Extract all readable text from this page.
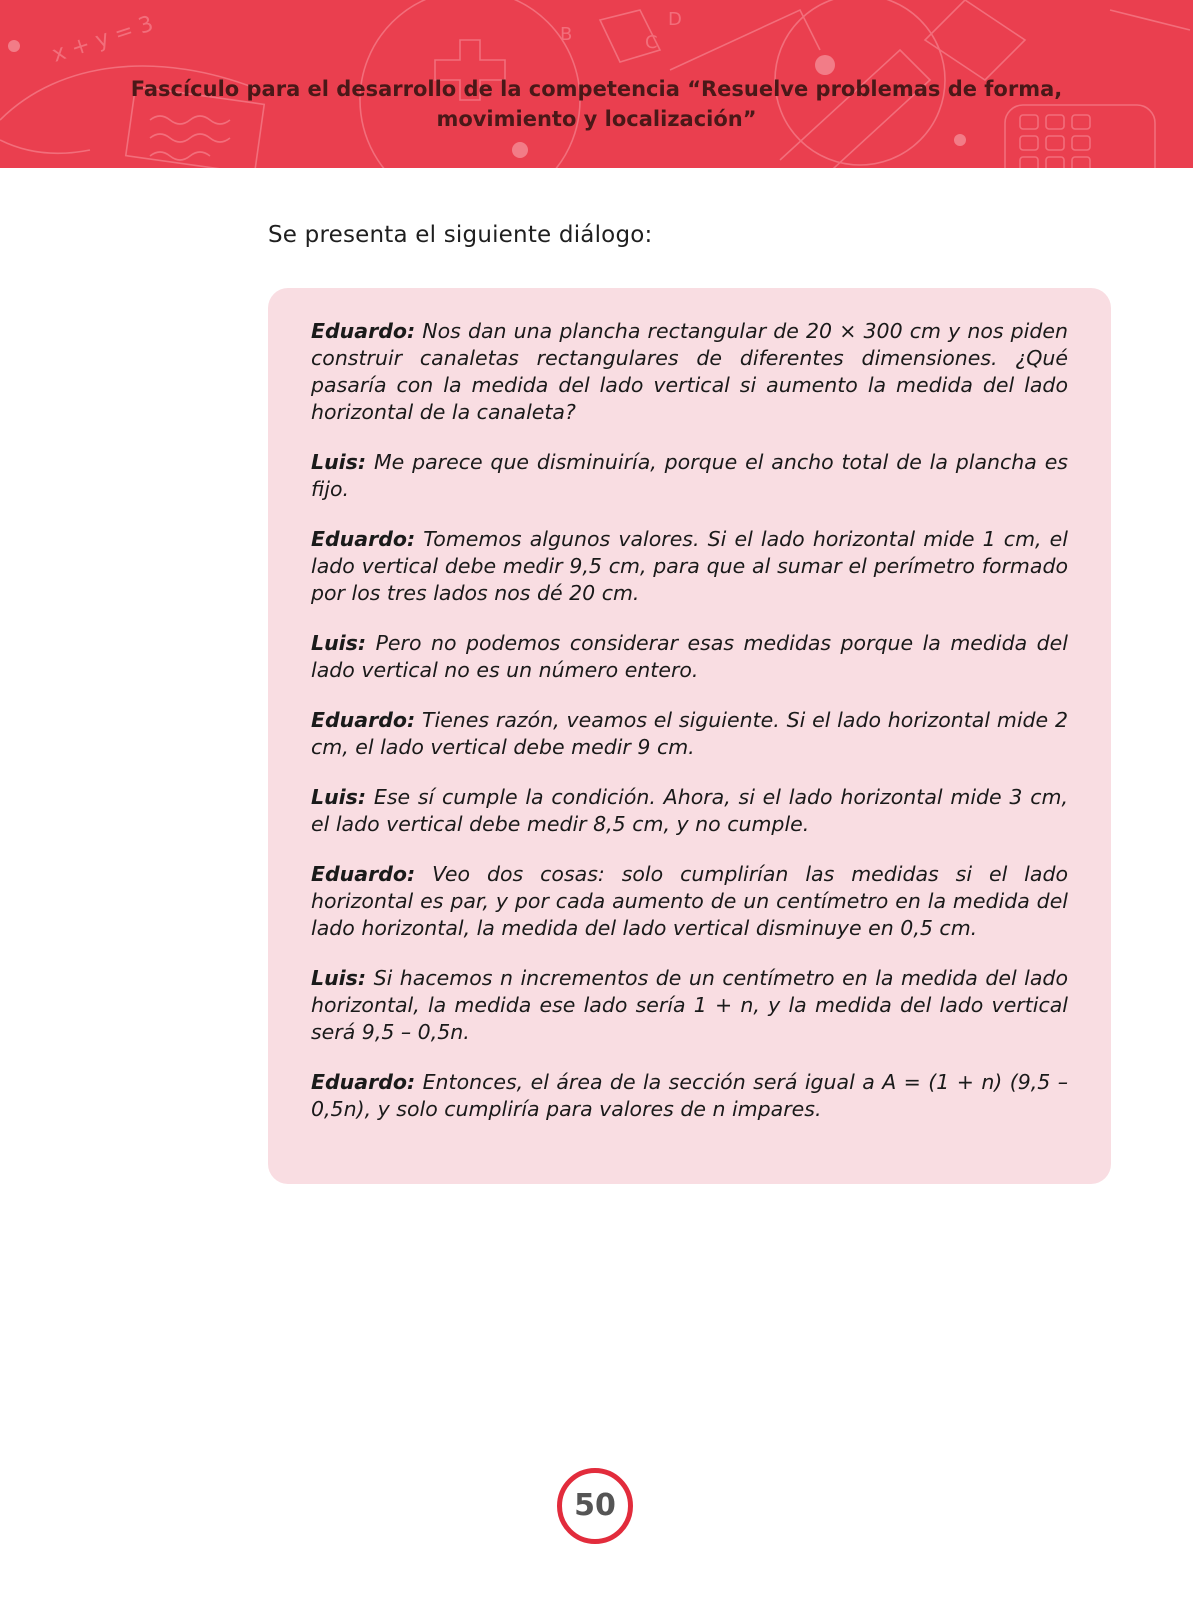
x + y = 3	B	C
D
Fascículo para el desarrollo de la competencia “Resuelve problemas de forma,
movimiento y localización”
Se presenta el siguiente diálogo:

Eduardo: Nos dan una plancha rectangular de 20 × 300 cm y nos piden construir canaletas rectangulares de diferentes dimensiones. ¿Qué pasaría con la medida del lado vertical si aumento la medida del lado horizontal de la canaleta?

Luis: Me parece que disminuiría, porque el ancho total de la plancha es fijo.

Eduardo: Tomemos algunos valores. Si el lado horizontal mide 1 cm, el lado vertical debe medir 9,5 cm, para que al sumar el perímetro formado por los tres lados nos dé 20 cm.

Luis: Pero no podemos considerar esas medidas porque la medida del lado vertical no es un número entero.

Eduardo: Tienes razón, veamos el siguiente. Si el lado horizontal mide 2 cm, el lado vertical debe medir 9 cm.

Luis: Ese sí cumple la condición. Ahora, si el lado horizontal mide 3 cm, el lado vertical debe medir 8,5 cm, y no cumple.

Eduardo: Veo dos cosas: solo cumplirían las medidas si el lado horizontal es par, y por cada aumento de un centímetro en la medida del lado horizontal, la medida del lado vertical disminuye en 0,5 cm.

Luis: Si hacemos n incrementos de un centímetro en la medida del lado horizontal, la medida ese lado sería 1 + n, y la medida del lado vertical será 9,5 – 0,5n.

Eduardo: Entonces, el área de la sección será igual a A = (1 + n) (9,5 – 0,5n), y solo cumpliría para valores de n impares.

50
